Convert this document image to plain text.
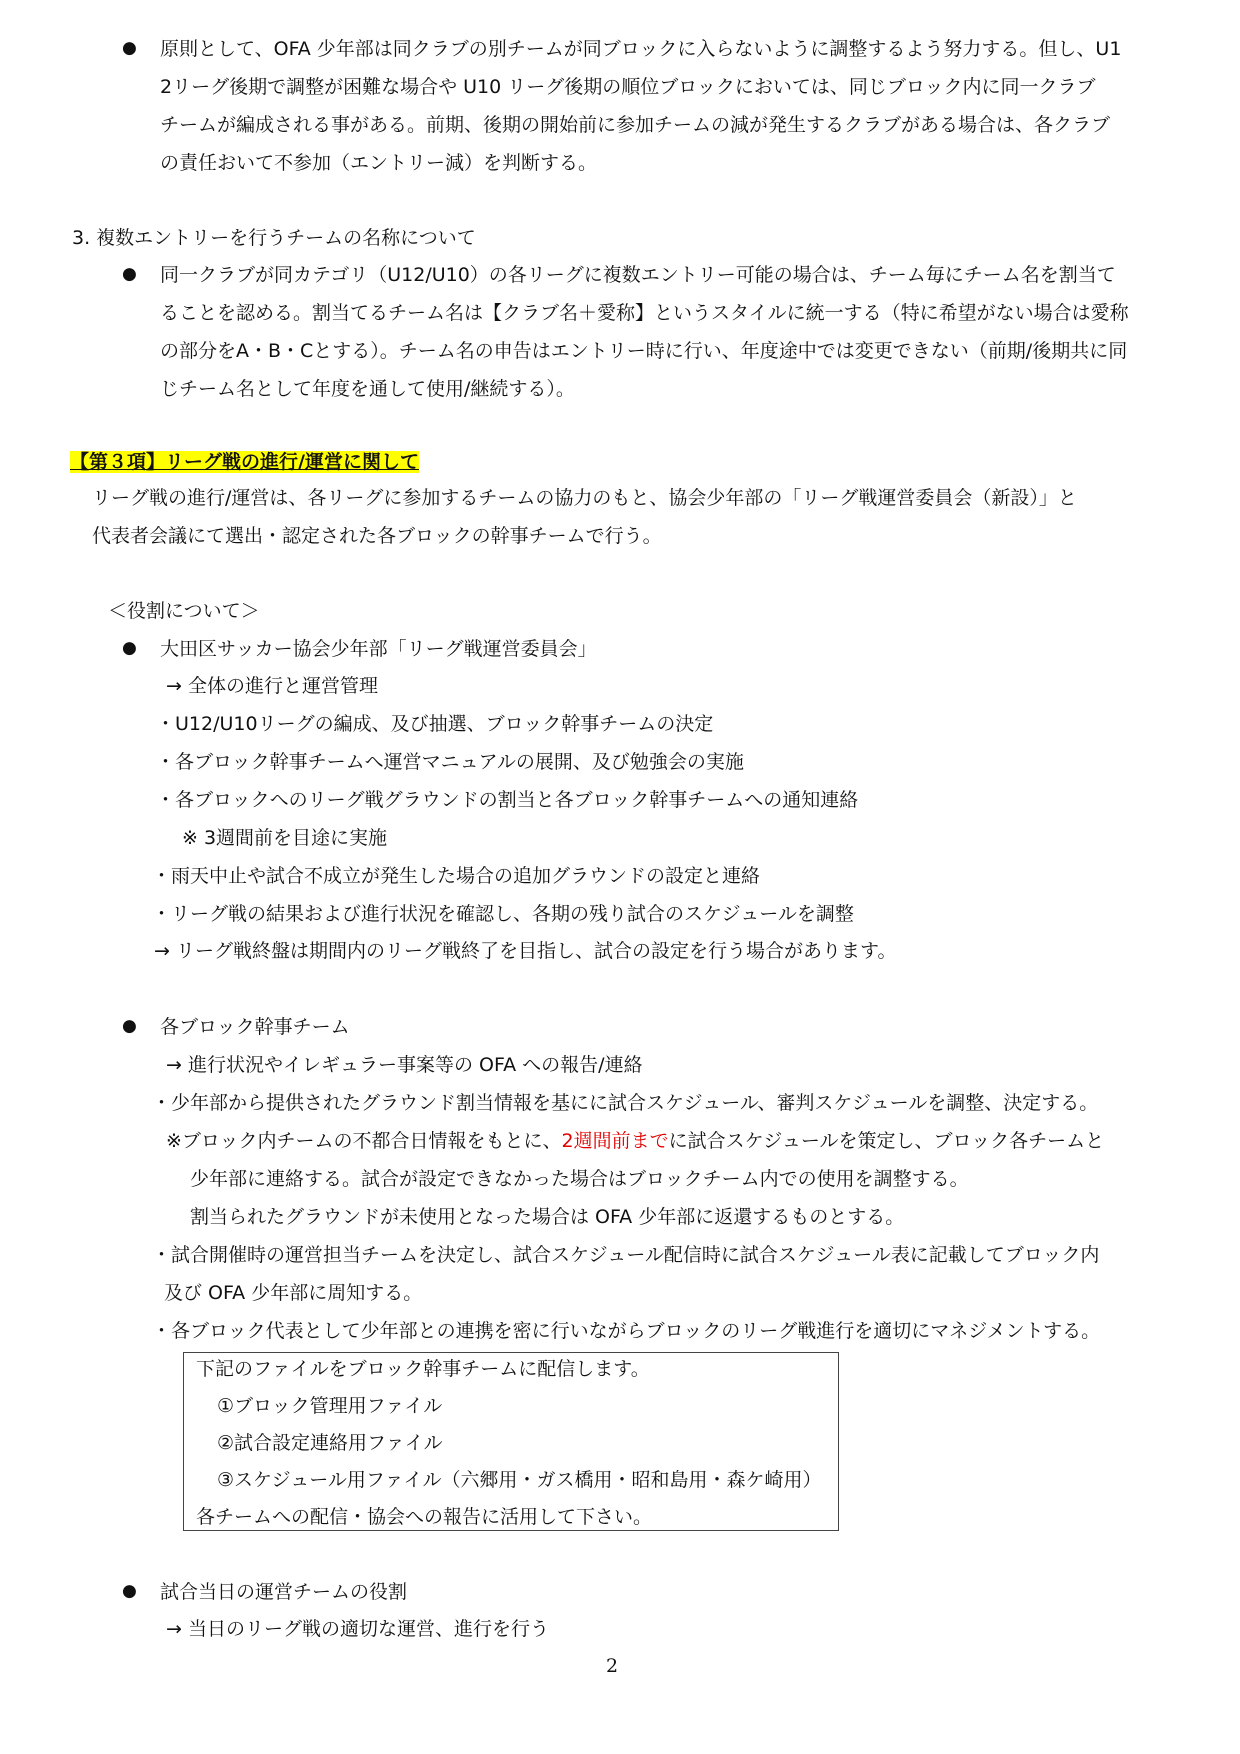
● 原則として、OFA 少年部は同クラブの別チームが同ブロックに入らないように調整するよう努力する。但し、U1
2リーグ後期で調整が困難な場合や U10 リーグ後期の順位ブロックにおいては、同じブロック内に同一クラブ
チームが編成される事がある。前期、後期の開始前に参加チームの減が発生するクラブがある場合は、各クラブ
の責任おいて不参加（エントリー減）を判断する。
3. 複数エントリーを行うチームの名称について
● 同一クラブが同カテゴリ（U12/U10）の各リーグに複数エントリー可能の場合は、チーム毎にチーム名を割当て
ることを認める。割当てるチーム名は【クラブ名＋愛称】というスタイルに統一する（特に希望がない場合は愛称
の部分をA・B・Cとする）。チーム名の申告はエントリー時に行い、年度途中では変更できない（前期/後期共に同
じチーム名として年度を通して使用/継続する）。
【第３項】リーグ戦の進行/運営に関して
リーグ戦の進行/運営は、各リーグに参加するチームの協力のもと、協会少年部の「リーグ戦運営委員会（新設）」と
代表者会議にて選出・認定された各ブロックの幹事チームで行う。
＜役割について＞
● 大田区サッカー協会少年部「リーグ戦運営委員会」
→ 全体の進行と運営管理
・U12/U10リーグの編成、及び抽選、ブロック幹事チームの決定
・各ブロック幹事チームへ運営マニュアルの展開、及び勉強会の実施
・各ブロックへのリーグ戦グラウンドの割当と各ブロック幹事チームへの通知連絡
※ 3週間前を目途に実施
・雨天中止や試合不成立が発生した場合の追加グラウンドの設定と連絡
・リーグ戦の結果および進行状況を確認し、各期の残り試合のスケジュールを調整
→ リーグ戦終盤は期間内のリーグ戦終了を目指し、試合の設定を行う場合があります。
● 各ブロック幹事チーム
→ 進行状況やイレギュラー事案等の OFA への報告/連絡
・少年部から提供されたグラウンド割当情報を基にに試合スケジュール、審判スケジュールを調整、決定する。
※ブロック内チームの不都合日情報をもとに、2週間前までに試合スケジュールを策定し、ブロック各チームと
少年部に連絡する。試合が設定できなかった場合はブロックチーム内での使用を調整する。
割当られたグラウンドが未使用となった場合は OFA 少年部に返還するものとする。
・試合開催時の運営担当チームを決定し、試合スケジュール配信時に試合スケジュール表に記載してブロック内
及び OFA 少年部に周知する。
・各ブロック代表として少年部との連携を密に行いながらブロックのリーグ戦進行を適切にマネジメントする。
下記のファイルをブロック幹事チームに配信します。
①ブロック管理用ファイル
②試合設定連絡用ファイル
③スケジュール用ファイル（六郷用・ガス橋用・昭和島用・森ケ崎用）
各チームへの配信・協会への報告に活用して下さい。
● 試合当日の運営チームの役割
→ 当日のリーグ戦の適切な運営、進行を行う
2
